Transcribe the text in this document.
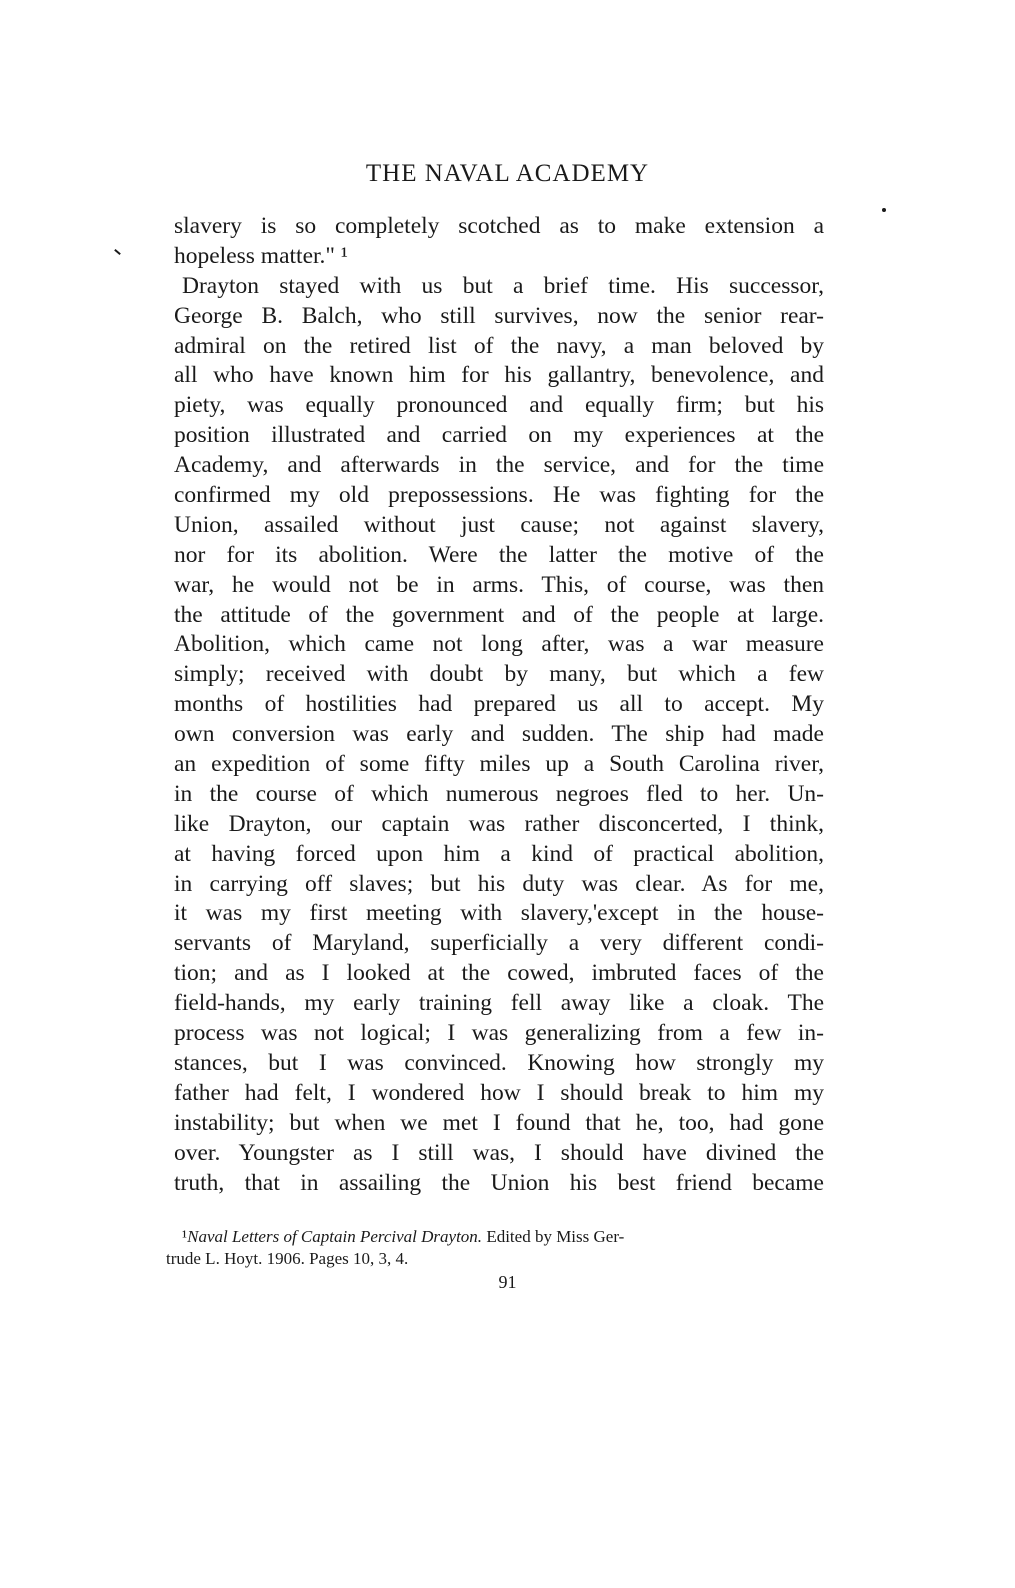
THE NAVAL ACADEMY
slavery is so completely scotched as to make extension a
hopeless matter." ¹
Drayton stayed with us but a brief time. His successor,
George B. Balch, who still survives, now the senior rear-
admiral on the retired list of the navy, a man beloved by
all who have known him for his gallantry, benevolence, and
piety, was equally pronounced and equally firm; but his
position illustrated and carried on my experiences at the
Academy, and afterwards in the service, and for the time
confirmed my old prepossessions. He was fighting for the
Union, assailed without just cause; not against slavery,
nor for its abolition. Were the latter the motive of the
war, he would not be in arms. This, of course, was then
the attitude of the government and of the people at large.
Abolition, which came not long after, was a war measure
simply; received with doubt by many, but which a few
months of hostilities had prepared us all to accept. My
own conversion was early and sudden. The ship had made
an expedition of some fifty miles up a South Carolina river,
in the course of which numerous negroes fled to her. Un-
like Drayton, our captain was rather disconcerted, I think,
at having forced upon him a kind of practical abolition,
in carrying off slaves; but his duty was clear. As for me,
it was my first meeting with slavery,'except in the house-
servants of Maryland, superficially a very different condi-
tion; and as I looked at the cowed, imbruted faces of the
field-hands, my early training fell away like a cloak. The
process was not logical; I was generalizing from a few in-
stances, but I was convinced. Knowing how strongly my
father had felt, I wondered how I should break to him my
instability; but when we met I found that he, too, had gone
over. Youngster as I still was, I should have divined the
truth, that in assailing the Union his best friend became
¹Naval Letters of Captain Percival Drayton. Edited by Miss Ger-
trude L. Hoyt. 1906. Pages 10, 3, 4.
91
